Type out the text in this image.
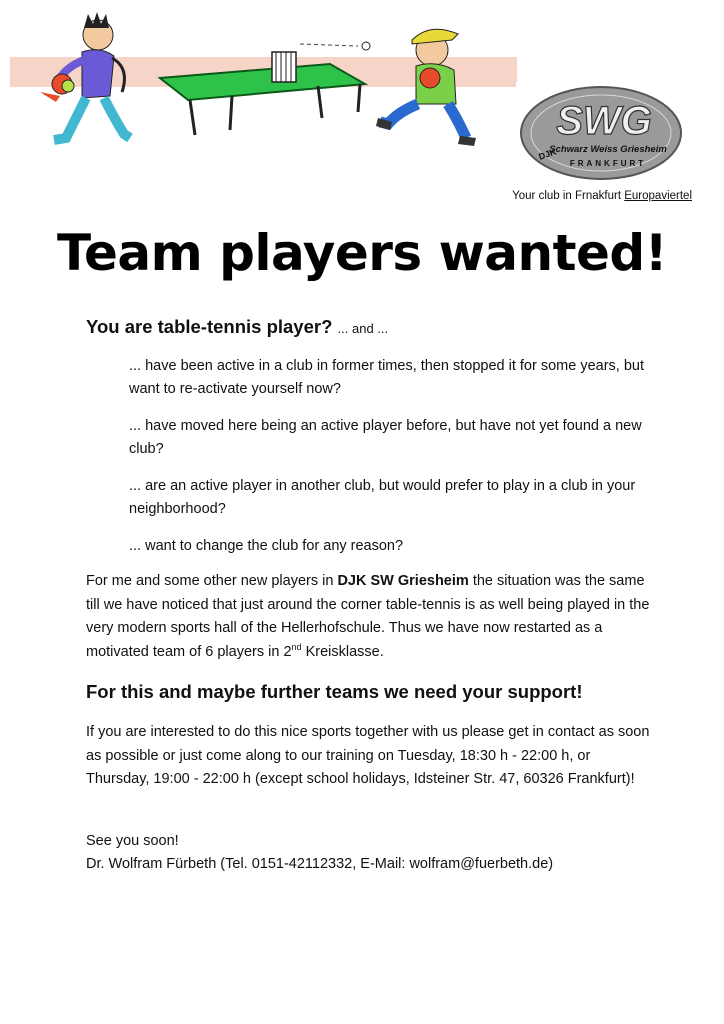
SWG
DJK
Schwarz Weiss Griesheim
FRANKFURT
Your club in Frnakfurt Europaviertel
Team players wanted!
You are table-tennis player? ... and ...
... have been active in a club in former times, then stopped it for some years, but want to re-activate yourself now?
... have moved here being an active player before, but have not yet found a new club?
... are an active player in another club, but would prefer to play in a club in your neighborhood?
... want to change the club for any reason?
For me and some other new players in DJK SW Griesheim the situation was the same till we have noticed that just around the corner table-tennis is as well being played in the very modern sports hall of the Hellerhofschule. Thus we have now restarted as a motivated team of 6 players in 2nd Kreisklasse.
For this and maybe further teams we need your support!
If you are interested to do this nice sports together with us please get in contact as soon as possible or just come along to our training on Tuesday, 18:30 h - 22:00 h, or Thursday, 19:00 - 22:00 h (except school holidays, Idsteiner Str. 47, 60326 Frankfurt)!
See you soon!
Dr. Wolfram Fürbeth (Tel. 0151-42112332, E-Mail: wolfram@fuerbeth.de)
